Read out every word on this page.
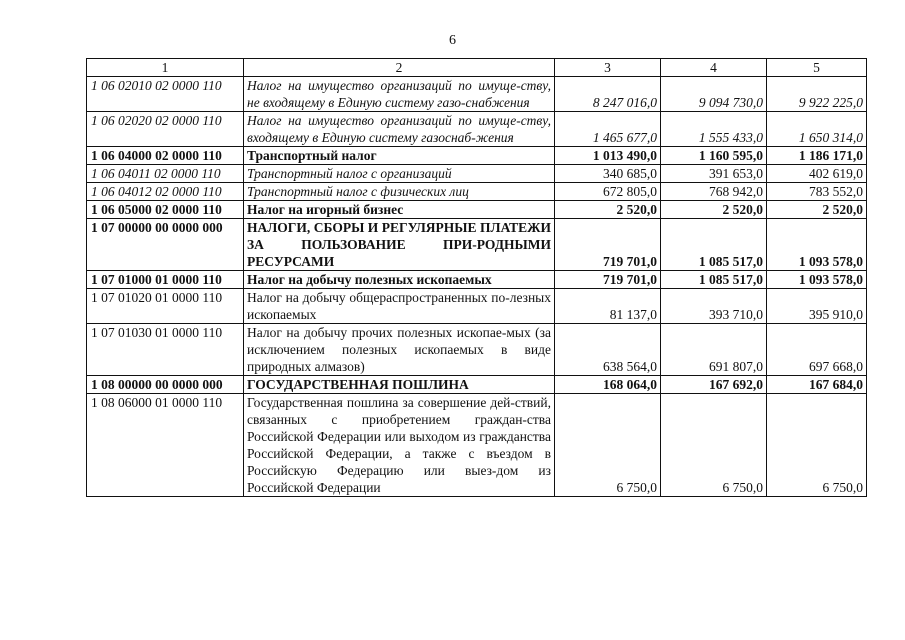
6
1	2	3	4	5
1 06 02010 02 0000 110	Налог на имущество организаций по имуще-ству, не входящему в Единую систему газо-снабжения	8 247 016,0	9 094 730,0	9 922 225,0
1 06 02020 02 0000 110	Налог на имущество организаций по имуще-ству, входящему в Единую систему газоснаб-жения	1 465 677,0	1 555 433,0	1 650 314,0
1 06 04000 02 0000 110	Транспортный налог	1 013 490,0	1 160 595,0	1 186 171,0
1 06 04011 02 0000 110	Транспортный налог с организаций	340 685,0	391 653,0	402 619,0
1 06 04012 02 0000 110	Транспортный налог с физических лиц	672 805,0	768 942,0	783 552,0
1 06 05000 02 0000 110	Налог на игорный бизнес	2 520,0	2 520,0	2 520,0
1 07 00000 00 0000 000	НАЛОГИ, СБОРЫ И РЕГУЛЯРНЫЕ ПЛАТЕЖИ ЗА ПОЛЬЗОВАНИЕ ПРИ-РОДНЫМИ РЕСУРСАМИ	719 701,0	1 085 517,0	1 093 578,0
1 07 01000 01 0000 110	Налог на добычу полезных ископаемых	719 701,0	1 085 517,0	1 093 578,0
1 07 01020 01 0000 110	Налог на добычу общераспространенных по-лезных ископаемых	81 137,0	393 710,0	395 910,0
1 07 01030 01 0000 110	Налог на добычу прочих полезных ископае-мых (за исключением полезных ископаемых в виде природных алмазов)	638 564,0	691 807,0	697 668,0
1 08 00000 00 0000 000	ГОСУДАРСТВЕННАЯ ПОШЛИНА	168 064,0	167 692,0	167 684,0
1 08 06000 01 0000 110	Государственная пошлина за совершение дей-ствий, связанных с приобретением граждан-ства Российской Федерации или выходом из гражданства Российской Федерации, а также с въездом в Российскую Федерацию или выез-дом из Российской Федерации	6 750,0	6 750,0	6 750,0
